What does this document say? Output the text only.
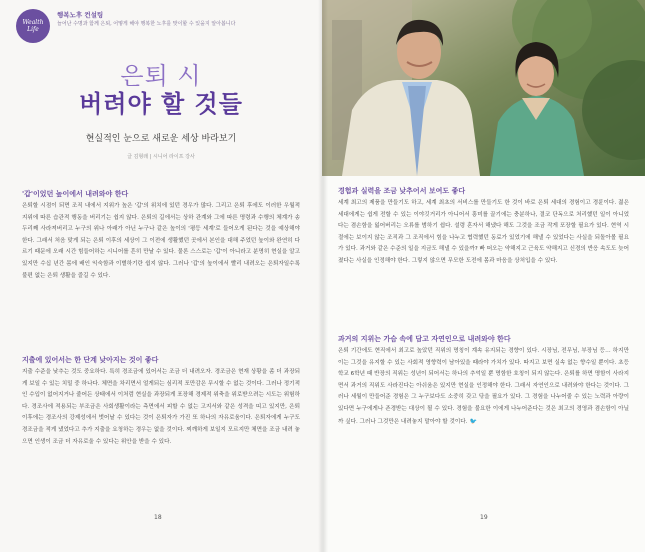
Wealth
Life
행복노후 컨설팅
늘어난 수명과 함께 은퇴, 어떻게 해야 행복한 노후를 맞이할 수 있을지 알아봅니다
은퇴 시
버려야 할 것들
현실적인 눈으로 새로운 세상 바라보기
글 김형래 | 시니어 라이프 강사
'갑'이었던 높이에서 내려와야 한다
은퇴할 시점이 되면 조직 내에서 지위가 높은 '갑'의 위치에 있던 경우가 많다. 그리고 은퇴 후에도 이러한 우월적 지위에 따른 습관적 행동을 버리기는 쉽지 않다. 은퇴의 길에서는 상하 관계와 그에 따른 명령과 수행의 체계가 송두리째 사라져버리고 누구의 위나 아래가 아닌 누구나 같은 높이의 '평등 세계'로 들어오게 된다는 것을 예상해야 한다. 그래서 처음 맞게 되는 은퇴 이후의 세상이 그 이전에 생활했던 곳에서 본인을 대해 주었던 높이와 완연히 다르기 때문에 오래 시간 힘들어하는 시니어를 흔히 만날 수 있다. 물론 스스로는 '갑'이 아니라고 분명히 현실을 알고 있지만 수십 년간 몸에 배인 익숙함과 이별하기란 쉽지 않다. 그러나 '갑'의 높이에서 빨리 내려오는 은퇴자일수록 불편 없는 은퇴 생활을 즐길 수 있다.
지출에 있어서는 한 단계 낮아지는 것이 좋다
지출 수준을 낮추는 것도 중요하다. 특히 경조금에 있어서는 조금 더 내려오자. 경조금은 현재 상황을 좀 더 과장되게 보일 수 있는 치밀 중 하나다. 체면을 차리면서 얼게되는 심리적 포만감은 무시할 수 없는 것이다. 그러나 정기적인 수입이 없어지거나 줄어든 상태에서 이처럼 현실을 과장되게 포장해 경제적 위축을 위로받으려는 시도는 위험하다. 경조사에 적용되는 부조금은 사회생활이라는 측면에서 피할 수 없는 고지서와 같은 성격을 띠고 있지만, 은퇴 이후에는 경조사의 강제성에서 벗어날 수 있다는 것이 은퇴자가 가진 또 하나의 자유로움이다. 은퇴자에게 누구도 경조금을 적게 냈었다고 추가 지출을 요청하는 경우는 없을 것이다. 찌깨하게 보일지 모르지만 체면을 조금 내려 놓으면 인생이 조금 더 자유로울 수 있다는 위안을 받을 수 있다.
18
경험과 실력을 조금 낮추어서 보여도 좋다
세계 최고의 제품을 만들기도 하고, 세계 최초의 서비스를 만들기도 한 것이 바로 은퇴 세대의 경험이고 경륜이다. 젊은 세대에게는 쉽게 전할 수 있는 이야깃거리가 아니어서 흥미를 끌기에는 충분하나, 결코 단독으로 처리했던 일이 아니었다는 겸손함을 잃어버리는 오류를 범하기 쉽다. 설령 혼자서 해냈다 해도 그것을 조금 작게 포장할 필요가 있다. 현역 시절에는 보이지 않는 조직과 그 조직에서 힘을 나누고 협력했던 동료가 있었기에 해낼 수 있었다는 사실을 되돌아볼 필요가 있다. 과거와 같은 수준의 일을 지금도 해낼 수 있을까? 빠 떠오는 약해지고 근육도 약해지고 신경의 반응 속도도 늦어졌다는 사실을 인정해야 한다. 그렇지 않으면 무모한 도전에 몸과 마음을 상처입을 수 있다.
과거의 지위는 가슴 속에 담고 자연인으로 내려와야 한다
은퇴 기간에도 현직에서 최고로 높았던 직위의 명칭이 계속 유지되는 경향이 있다. 시장님, 전무님, 부장님 등… 하지만 이는 그것을 유지할 수 있는 사회적 영향력이 남아있을 때라야 가치가 있다. 따지고 보면 실속 없는 향수일 뿐이다. 초등학교 6학년 때 반장의 직위는 성년이 되어서는 하나의 추억일 뿐 명함한 호칭이 되지 않는다. 은퇴를 하면 명함이 사라지면서 과거의 직위도 사라진다는 아쉬움은 있지만 현실을 인정해야 한다. 그래서 자연인으로 내려와야 한다는 것이다. 그러나 세월이 만들어준 경험은 그 누구보다도 소중히 갖고 닦을 필요가 있다. 그 경험을 나누어줄 수 있는 노력과 아량이 있다면 누구에게나 존경받는 대상이 될 수 있다. 경험을 불요한 이에게 나누어준다는 것은 최고의 경영과 겸손함이 아닐까 싶다. 그러나 그것만은 내려놓지 말아야 할 것이다. 🐦
19
